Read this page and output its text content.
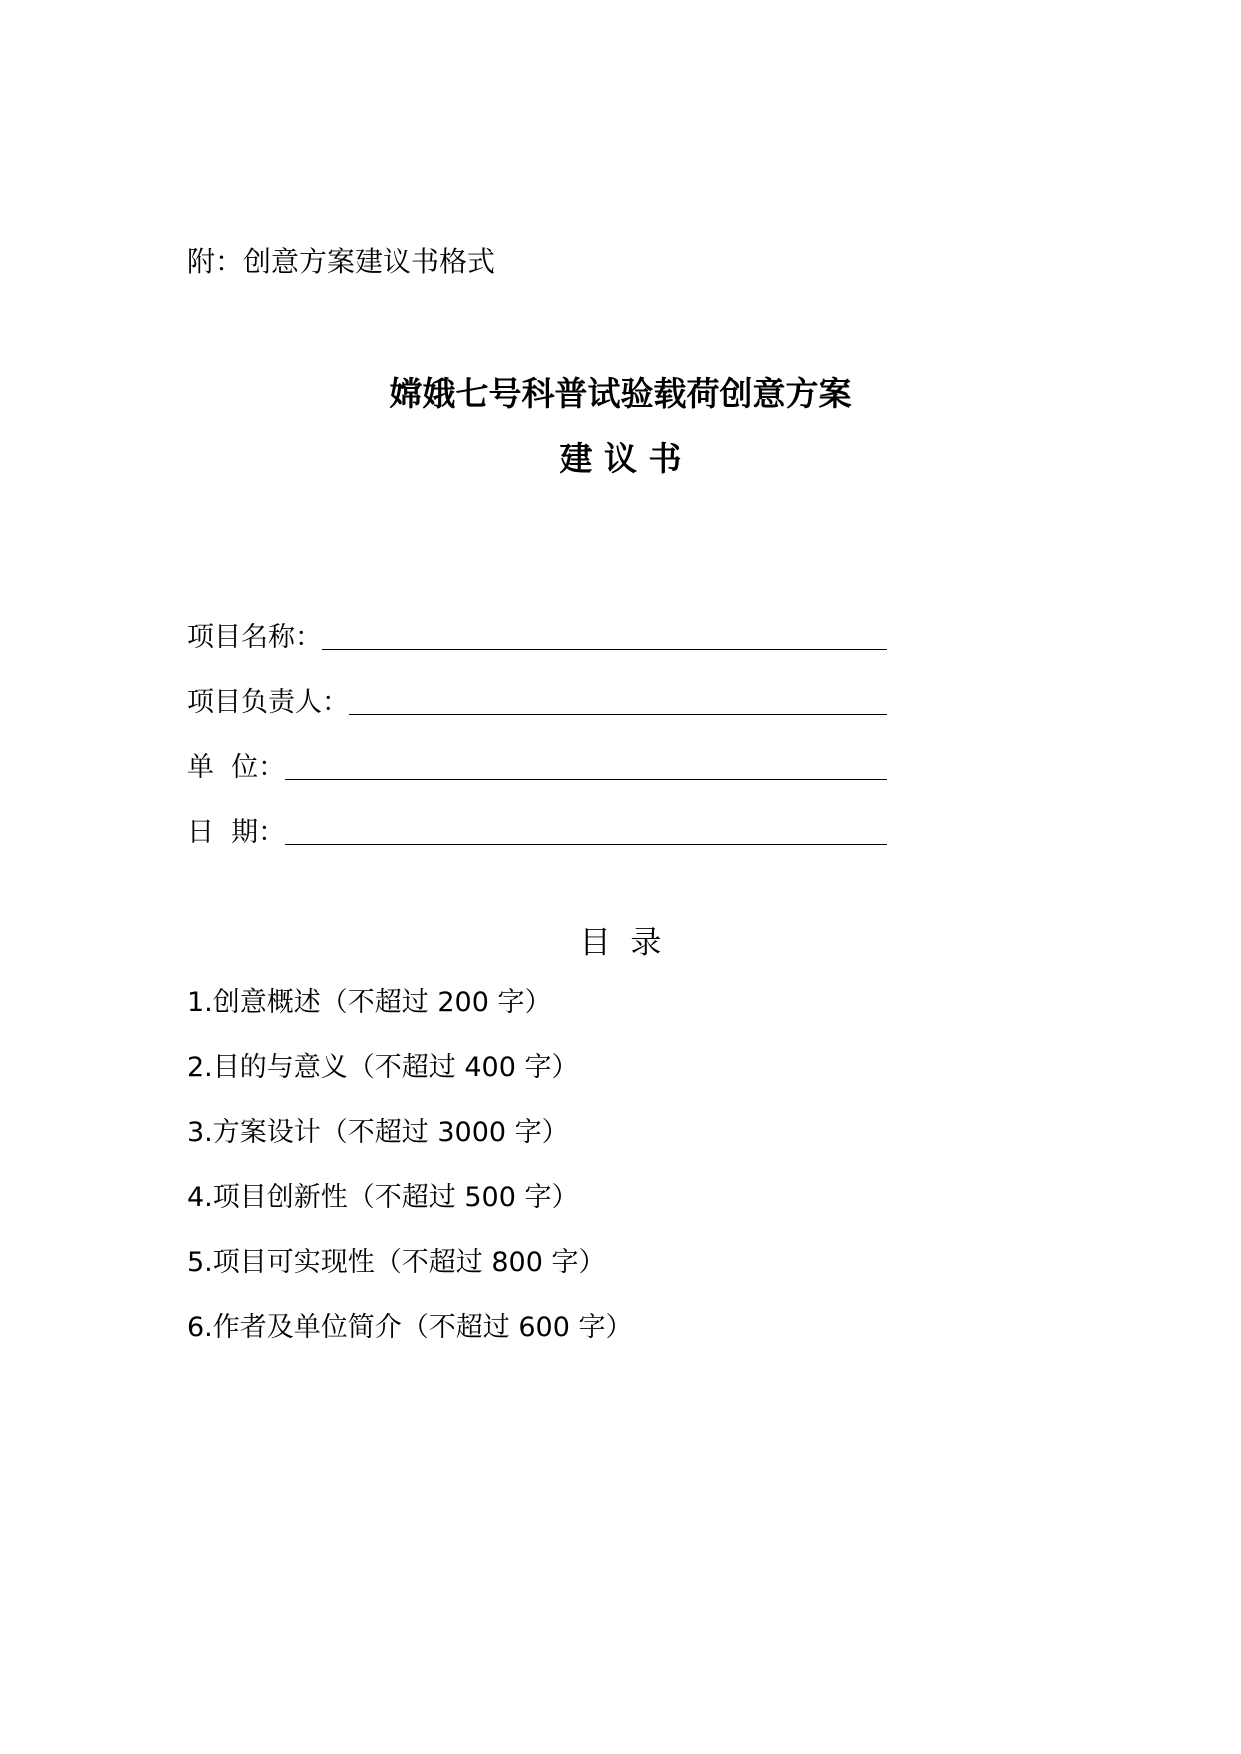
附：创意方案建议书格式
嫦娥七号科普试验载荷创意方案
建 议 书
项目名称：
项目负责人：
单  位：
日  期：
目  录
1.创意概述（不超过 200 字）
2.目的与意义（不超过 400 字）
3.方案设计（不超过 3000 字）
4.项目创新性（不超过 500 字）
5.项目可实现性（不超过 800 字）
6.作者及单位简介（不超过 600 字）
